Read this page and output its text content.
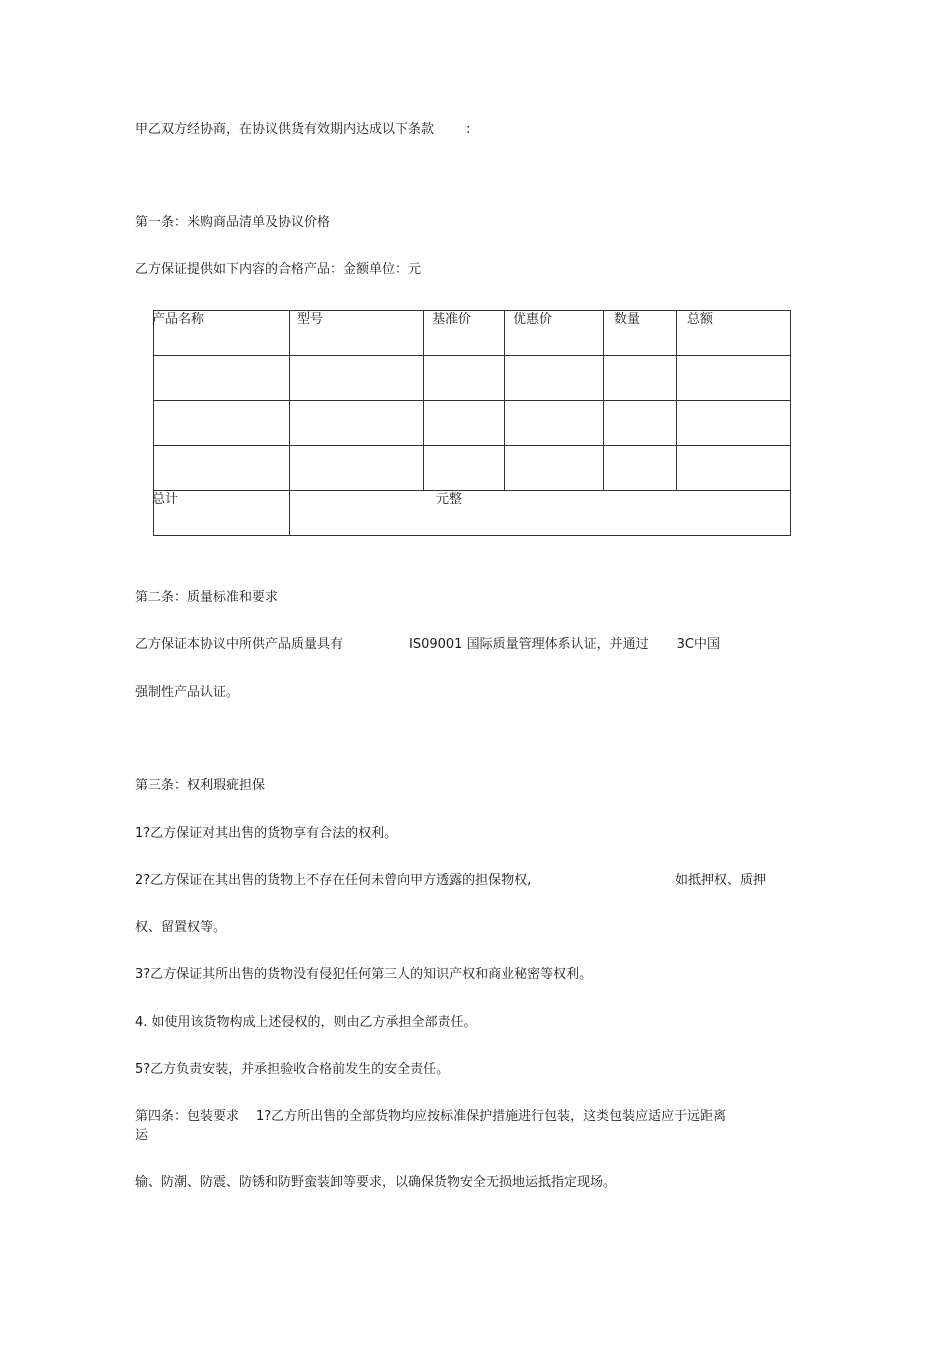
甲乙双方经协商，在协议供货有效期内达成以下条款 :
第一条：米购商品清单及协议价格
乙方保证提供如下内容的合格产品：金额单位：元
产品名称	型号	基准价	优惠价	数量	总额

总计	元整				
第二条：质量标准和要求
乙方保证本协议中所供产品质量具有	IS09001 国际质量管理体系认证，并通过 3C中国
强制性产品认证。
第三条：权利瑕疵担保
1?乙方保证对其出售的货物享有合法的权利。
2?乙方保证在其出售的货物上不存在任何未曾向甲方透露的担保物权,	如抵押权、质押
权、留置权等。
3?乙方保证其所出售的货物没有侵犯任何第三人的知识产权和商业秘密等权利。
4. 如使用该货物构成上述侵权的，则由乙方承担全部责任。
5?乙方负责安装，并承担验收合格前发生的安全责任。
第四条：包装要求 1?乙方所出售的全部货物均应按标准保护措施进行包装，这类包装应适应于远距离
运
输、防潮、防震、防锈和防野蛮装卸等要求，以确保货物安全无损地运抵指定现场。
